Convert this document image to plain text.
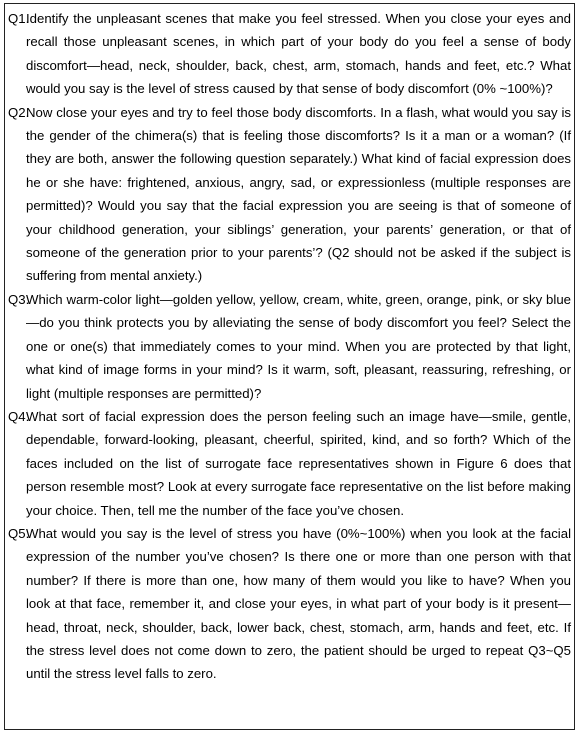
Q1.
Identify the unpleasant scenes that make you feel stressed. When you close your eyes and recall those unpleasant scenes, in which part of your body do you feel a sense of body discomfort—head, neck, shoulder, back, chest, arm, stomach, hands and feet, etc.? What would you say is the level of stress caused by that sense of body discomfort (0% ~100%)?
Q2.
Now close your eyes and try to feel those body discomforts. In a flash, what would you say is the gender of the chimera(s) that is feeling those discomforts? Is it a man or a woman? (If they are both, answer the following question separately.) What kind of facial expression does he or she have: frightened, anxious, angry, sad, or expressionless (multiple responses are permitted)? Would you say that the facial expression you are seeing is that of someone of your childhood generation, your siblings’ generation, your parents’ generation, or that of someone of the generation prior to your parents’? (Q2 should not be asked if the subject is suffering from mental anxiety.)
Q3.
Which warm-color light—golden yellow, yellow, cream, white, green, orange, pink, or sky blue—do you think protects you by alleviating the sense of body discomfort you feel? Select the one or one(s) that immediately comes to your mind. When you are protected by that light, what kind of image forms in your mind? Is it warm, soft, pleasant, reassuring, refreshing, or light (multiple responses are permitted)?
Q4.
What sort of facial expression does the person feeling such an image have—smile, gentle, dependable, forward-looking, pleasant, cheerful, spirited, kind, and so forth? Which of the faces included on the list of surrogate face representatives shown in Figure 6 does that person resemble most? Look at every surrogate face representative on the list before making your choice. Then, tell me the number of the face you’ve chosen.
Q5.
What would you say is the level of stress you have (0%~100%) when you look at the facial expression of the number you’ve chosen? Is there one or more than one person with that number? If there is more than one, how many of them would you like to have? When you look at that face, remember it, and close your eyes, in what part of your body is it present—head, throat, neck, shoulder, back, lower back, chest, stomach, arm, hands and feet, etc. If the stress level does not come down to zero, the patient should be urged to repeat Q3~Q5 until the stress level falls to zero.
